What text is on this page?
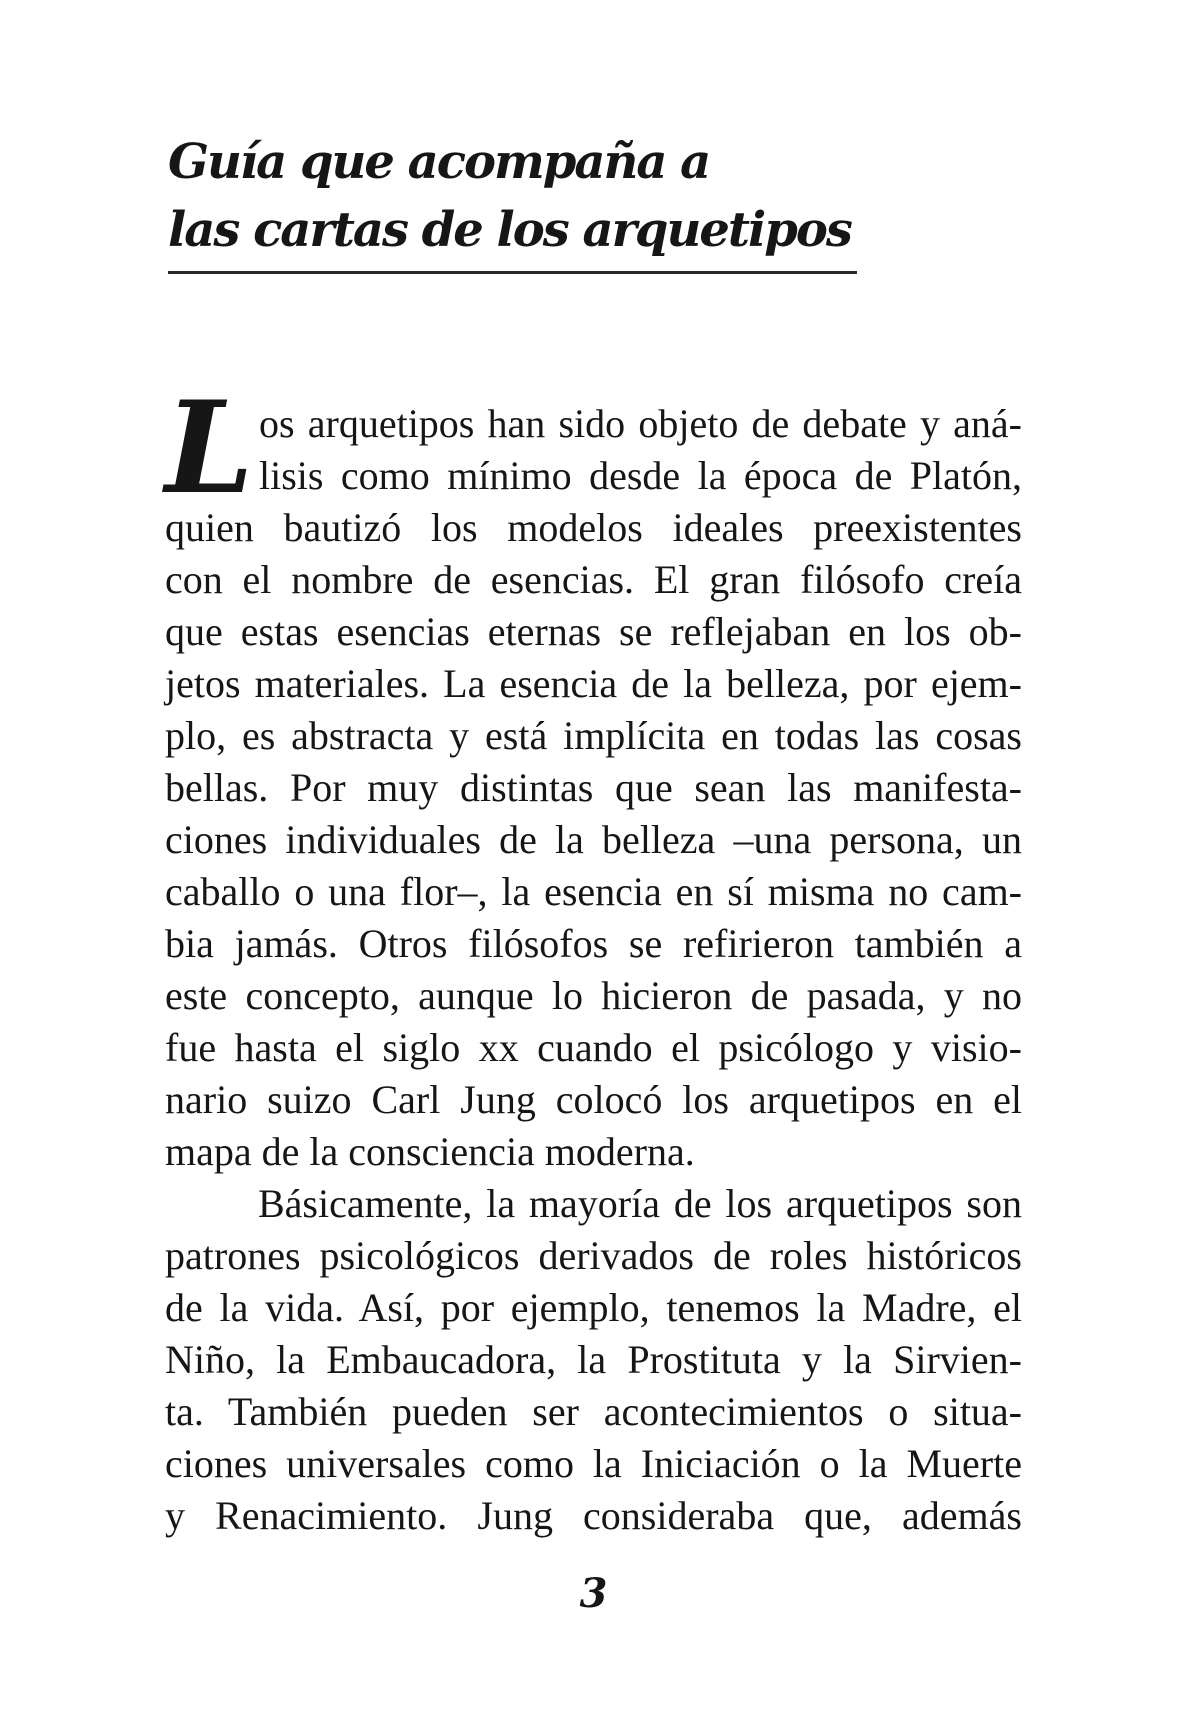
Guía que acompaña a
las cartas de los arquetipos
L os arquetipos han sido objeto de debate y aná-
lisis como mínimo desde la época de Platón,
quien bautizó los modelos ideales preexistentes
con el nombre de esencias. El gran filósofo creía
que estas esencias eternas se reflejaban en los ob-
jetos materiales. La esencia de la belleza, por ejem-
plo, es abstracta y está implícita en todas las cosas
bellas. Por muy distintas que sean las manifesta-
ciones individuales de la belleza –una persona, un
caballo o una flor–, la esencia en sí misma no cam-
bia jamás. Otros filósofos se refirieron también a
este concepto, aunque lo hicieron de pasada, y no
fue hasta el siglo xx cuando el psicólogo y visio-
nario suizo Carl Jung colocó los arquetipos en el
mapa de la consciencia moderna.
Básicamente, la mayoría de los arquetipos son
patrones psicológicos derivados de roles históricos
de la vida. Así, por ejemplo, tenemos la Madre, el
Niño, la Embaucadora, la Prostituta y la Sirvien-
ta. También pueden ser acontecimientos o situa-
ciones universales como la Iniciación o la Muerte
y Renacimiento. Jung consideraba que, además
3
